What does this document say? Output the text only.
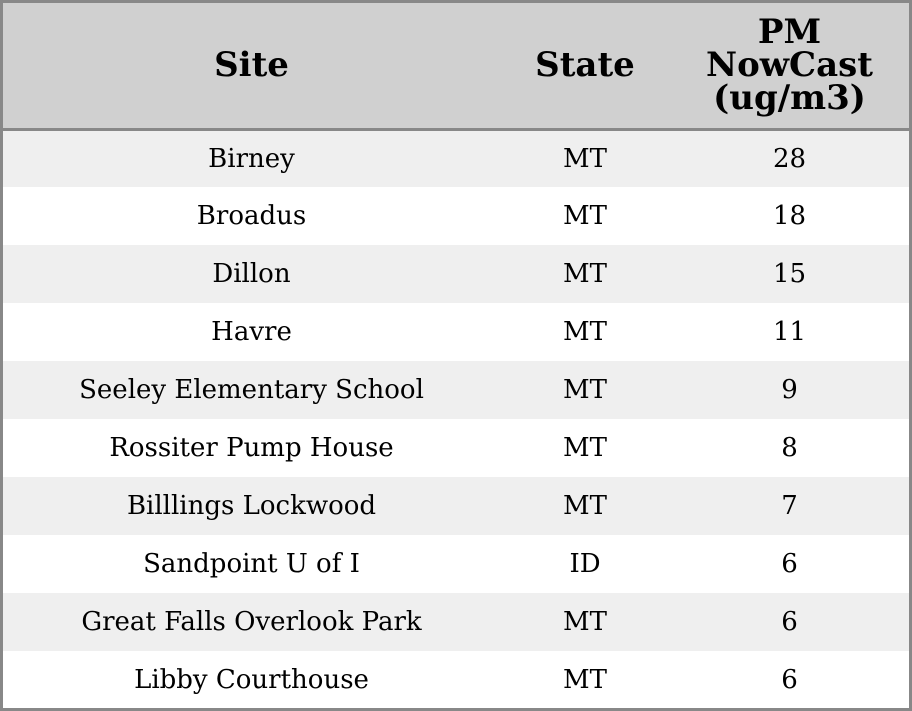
Site	State	PM
NowCast
(ug/m3)

Birney	MT	28
Broadus	MT	18
Dillon	MT	15
Havre	MT	11
Seeley Elementary School	MT	9
Rossiter Pump House	MT	8
Billlings Lockwood	MT	7
Sandpoint U of I	ID	6
Great Falls Overlook Park	MT	6
Libby Courthouse	MT	6
